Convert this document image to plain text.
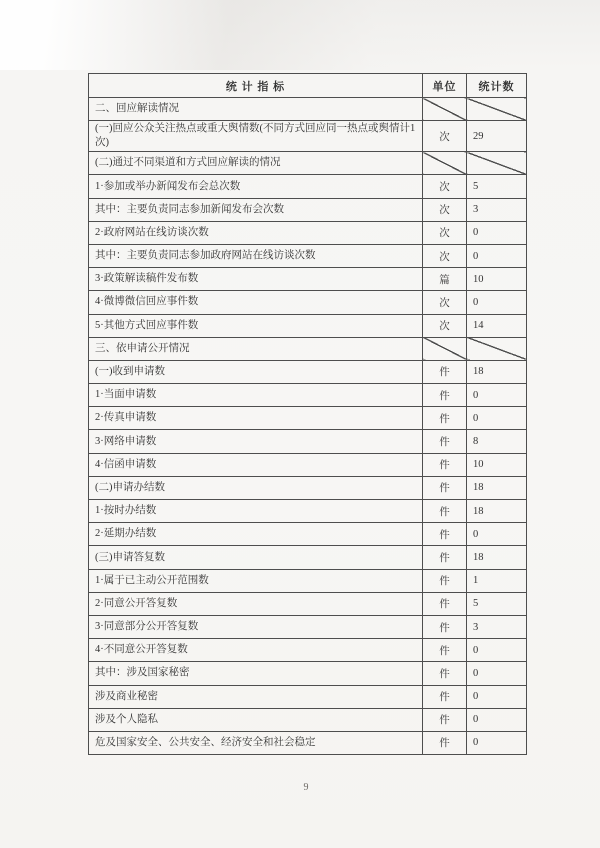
统 计 指 标	单位	统计数
二、回应解读情况		
(一)回应公众关注热点或重大舆情数(不同方式回应同一热点或舆情计1次)	次	29
(二)通过不同渠道和方式回应解读的情况		
1·参加或举办新闻发布会总次数	次	5
其中：主要负责同志参加新闻发布会次数	次	3
2·政府网站在线访谈次数	次	0
其中：主要负责同志参加政府网站在线访谈次数	次	0
3·政策解读稿件发布数	篇	10
4·微博微信回应事件数	次	0
5·其他方式回应事件数	次	14
三、依申请公开情况		
(一)收到申请数	件	18
1·当面申请数	件	0
2·传真申请数	件	0
3·网络申请数	件	8
4·信函申请数	件	10
(二)申请办结数	件	18
1·按时办结数	件	18
2·延期办结数	件	0
(三)申请答复数	件	18
1·属于已主动公开范围数	件	1
2·同意公开答复数	件	5
3·同意部分公开答复数	件	3
4·不同意公开答复数	件	0
其中：涉及国家秘密	件	0
涉及商业秘密	件	0
涉及个人隐私	件	0
危及国家安全、公共安全、经济安全和社会稳定	件	0
9
